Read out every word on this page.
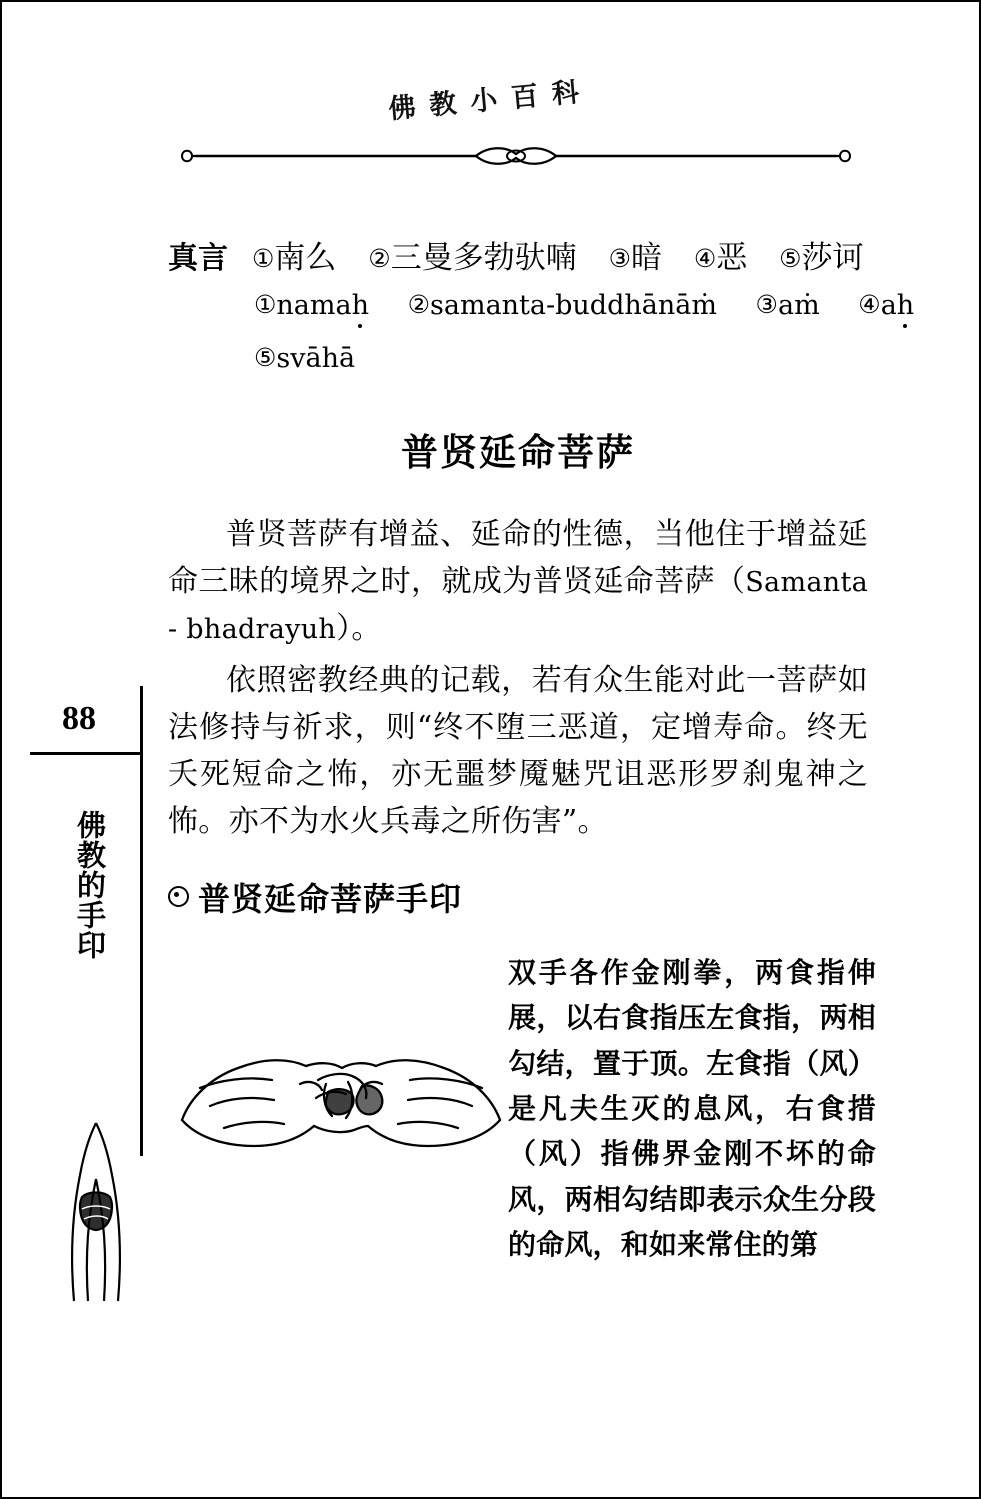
佛教小百科
88
佛教的手印
真言 ①南么 ②三曼多勃驮喃 ③暗 ④恶 ⑤莎诃
①namah ②samanta-buddhānāṁ ③aṁ ④ah
⑤svāhā
普贤延命菩萨

普贤菩萨有增益、延命的性德，当他住于增益延命三昧的境界之时，就成为普贤延命菩萨（Samanta - bhadrayuh）。

依照密教经典的记载，若有众生能对此一菩萨如法修持与祈求，则“终不堕三恶道，定增寿命。终无夭死短命之怖，亦无噩梦魇魅咒诅恶形罗刹鬼神之怖。亦不为水火兵毒之所伤害”。

普贤延命菩萨手印
双手各作金刚拳，两食指伸展，以右食指压左食指，两相勾结，置于顶。左食指（风）是凡夫生灭的息风，右食措（风）指佛界金刚不坏的命风，两相勾结即表示众生分段的命风，和如来常住的第
